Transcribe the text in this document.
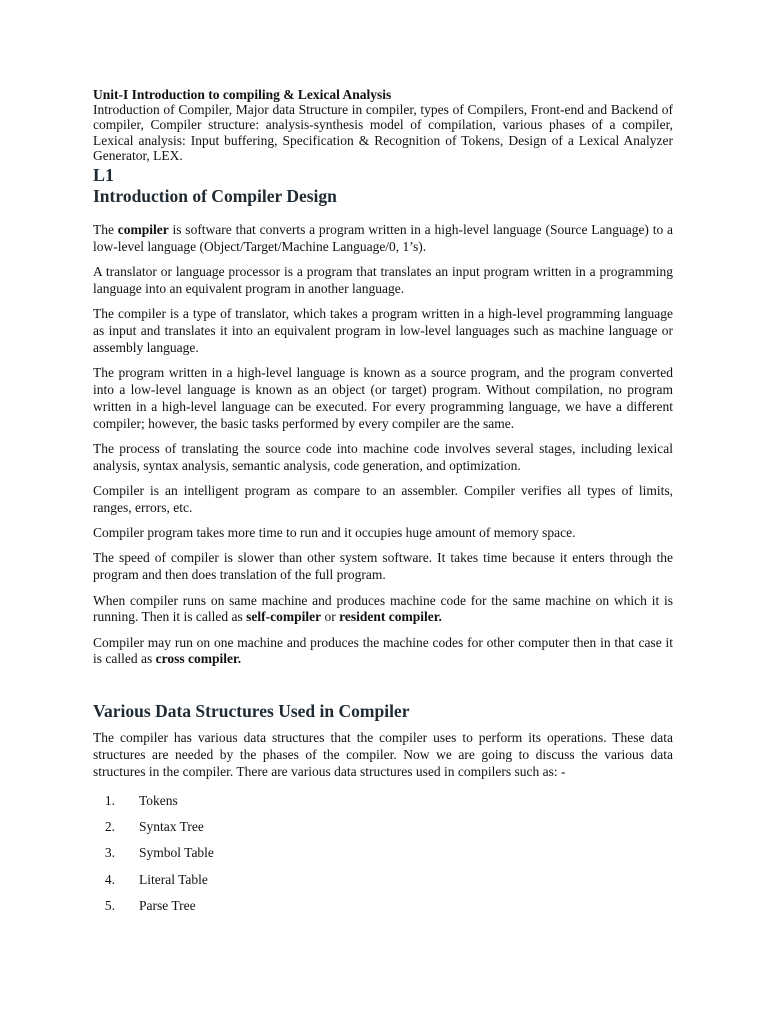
Unit-I Introduction to compiling & Lexical Analysis
Introduction of Compiler, Major data Structure in compiler, types of Compilers, Front-end and Backend of compiler, Compiler structure: analysis-synthesis model of compilation, various phases of a compiler, Lexical analysis: Input buffering, Specification & Recognition of Tokens, Design of a Lexical Analyzer Generator, LEX.
L1
Introduction of Compiler Design

The compiler is software that converts a program written in a high-level language (Source Language) to a low-level language (Object/Target/Machine Language/0, 1’s).

A translator or language processor is a program that translates an input program written in a programming language into an equivalent program in another language.

The compiler is a type of translator, which takes a program written in a high-level programming language as input and translates it into an equivalent program in low-level languages such as machine language or assembly language.

The program written in a high-level language is known as a source program, and the program converted into a low-level language is known as an object (or target) program. Without compilation, no program written in a high-level language can be executed. For every programming language, we have a different compiler; however, the basic tasks performed by every compiler are the same.

The process of translating the source code into machine code involves several stages, including lexical analysis, syntax analysis, semantic analysis, code generation, and optimization.

Compiler is an intelligent program as compare to an assembler. Compiler verifies all types of limits, ranges, errors, etc.

Compiler program takes more time to run and it occupies huge amount of memory space.

The speed of compiler is slower than other system software. It takes time because it enters through the program and then does translation of the full program.

When compiler runs on same machine and produces machine code for the same machine on which it is running. Then it is called as self-compiler or resident compiler.

Compiler may run on one machine and produces the machine codes for other computer then in that case it is called as cross compiler.

Various Data Structures Used in Compiler

The compiler has various data structures that the compiler uses to perform its operations. These data structures are needed by the phases of the compiler. Now we are going to discuss the various data structures in the compiler. There are various data structures used in compilers such as: -

1. Tokens
2. Syntax Tree
3. Symbol Table
4. Literal Table
5. Parse Tree
